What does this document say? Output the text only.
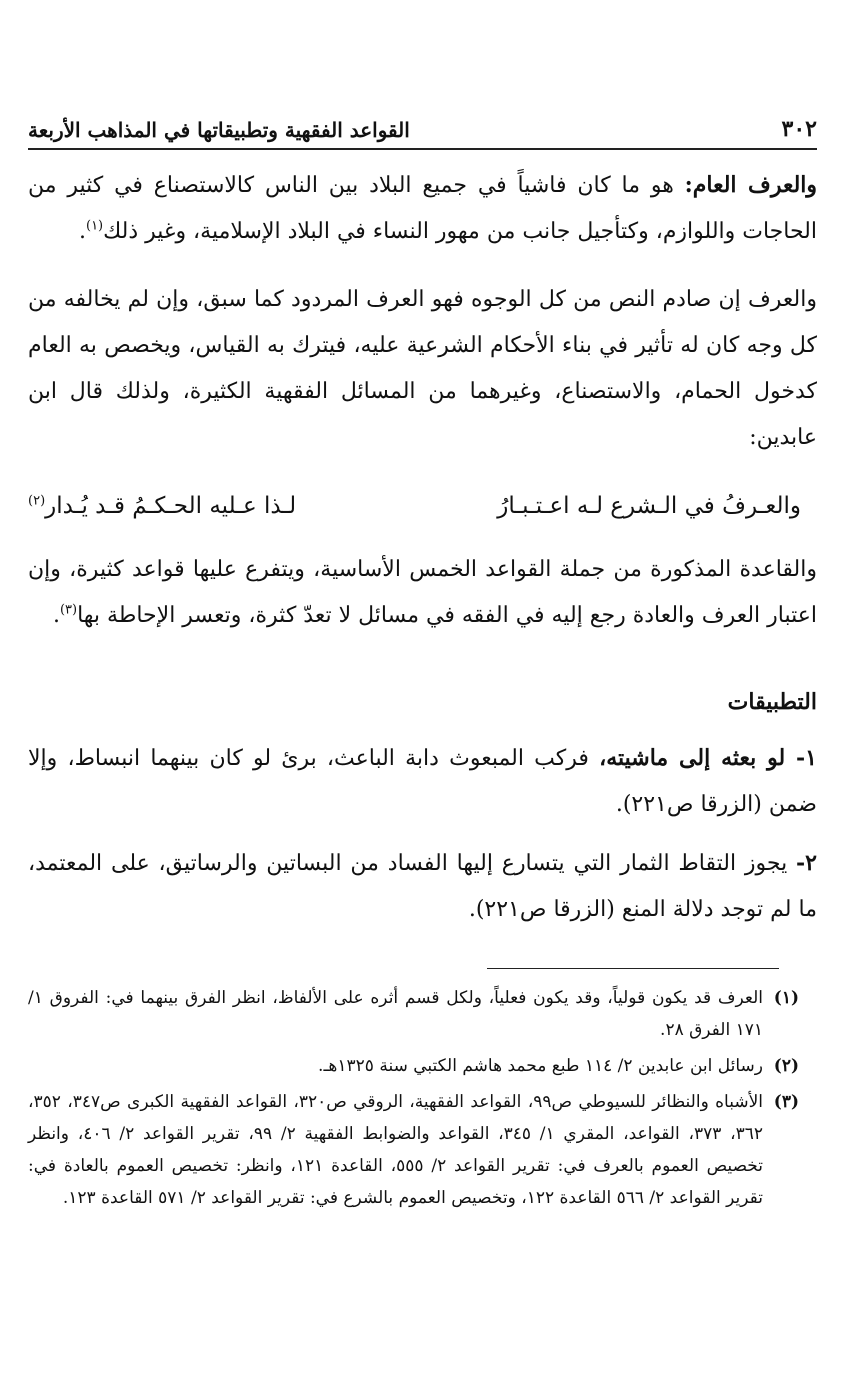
٣٠٢
القواعد الفقهية وتطبيقاتها في المذاهب الأربعة

والعرف العام: هو ما كان فاشياً في جميع البلاد بين الناس كالاستصناع في كثير من الحاجات واللوازم، وكتأجيل جانب من مهور النساء في البلاد الإسلامية، وغير ذلك$^{(١)}$.

والعرف إن صادم النص من كل الوجوه فهو العرف المردود كما سبق، وإن لم يخالفه من كل وجه كان له تأثير في بناء الأحكام الشرعية عليه، فيترك به القياس، ويخصص به العام كدخول الحمام، والاستصناع، وغيرهما من المسائل الفقهية الكثيرة، ولذلك قال ابن عابدين:

والعـرفُ في الـشرع لـه اعـتـبـارُ
لـذا عـليه الحـكـمُ قـد يُـدار$^{(٢)}$

والقاعدة المذكورة من جملة القواعد الخمس الأساسية، ويتفرع عليها قواعد كثيرة، وإن اعتبار العرف والعادة رجع إليه في الفقه في مسائل لا تعدّ كثرة، وتعسر الإحاطة بها$^{(٣)}$.

التطبيقات

١- لو بعثه إلى ماشيته، فركب المبعوث دابة الباعث، برئ لو كان بينهما انبساط، وإلا ضمن (الزرقا ص٢٢١).

٢- يجوز التقاط الثمار التي يتسارع إليها الفساد من البساتين والرساتيق، على المعتمد، ما لم توجد دلالة المنع (الزرقا ص٢٢١).

(١)
العرف قد يكون قولياً، وقد يكون فعلياً، ولكل قسم أثره على الألفاظ، انظر الفرق بينهما في: الفروق ١/ ١٧١ الفرق ٢٨.
(٢)
رسائل ابن عابدين ٢/ ١١٤ طبع محمد هاشم الكتبي سنة ١٣٢٥هـ.
(٣)
الأشباه والنظائر للسيوطي ص٩٩، القواعد الفقهية، الروقي ص٣٢٠، القواعد الفقهية الكبرى ص٣٤٧، ٣٥٢، ٣٦٢، ٣٧٣، القواعد، المقري ١/ ٣٤٥، القواعد والضوابط الفقهية ٢/ ٩٩، تقرير القواعد ٢/ ٤٠٦، وانظر تخصيص العموم بالعرف في: تقرير القواعد ٢/ ٥٥٥، القاعدة ١٢١، وانظر: تخصيص العموم بالعادة في: تقرير القواعد ٢/ ٥٦٦ القاعدة ١٢٢، وتخصيص العموم بالشرع في: تقرير القواعد ٢/ ٥٧١ القاعدة ١٢٣.
